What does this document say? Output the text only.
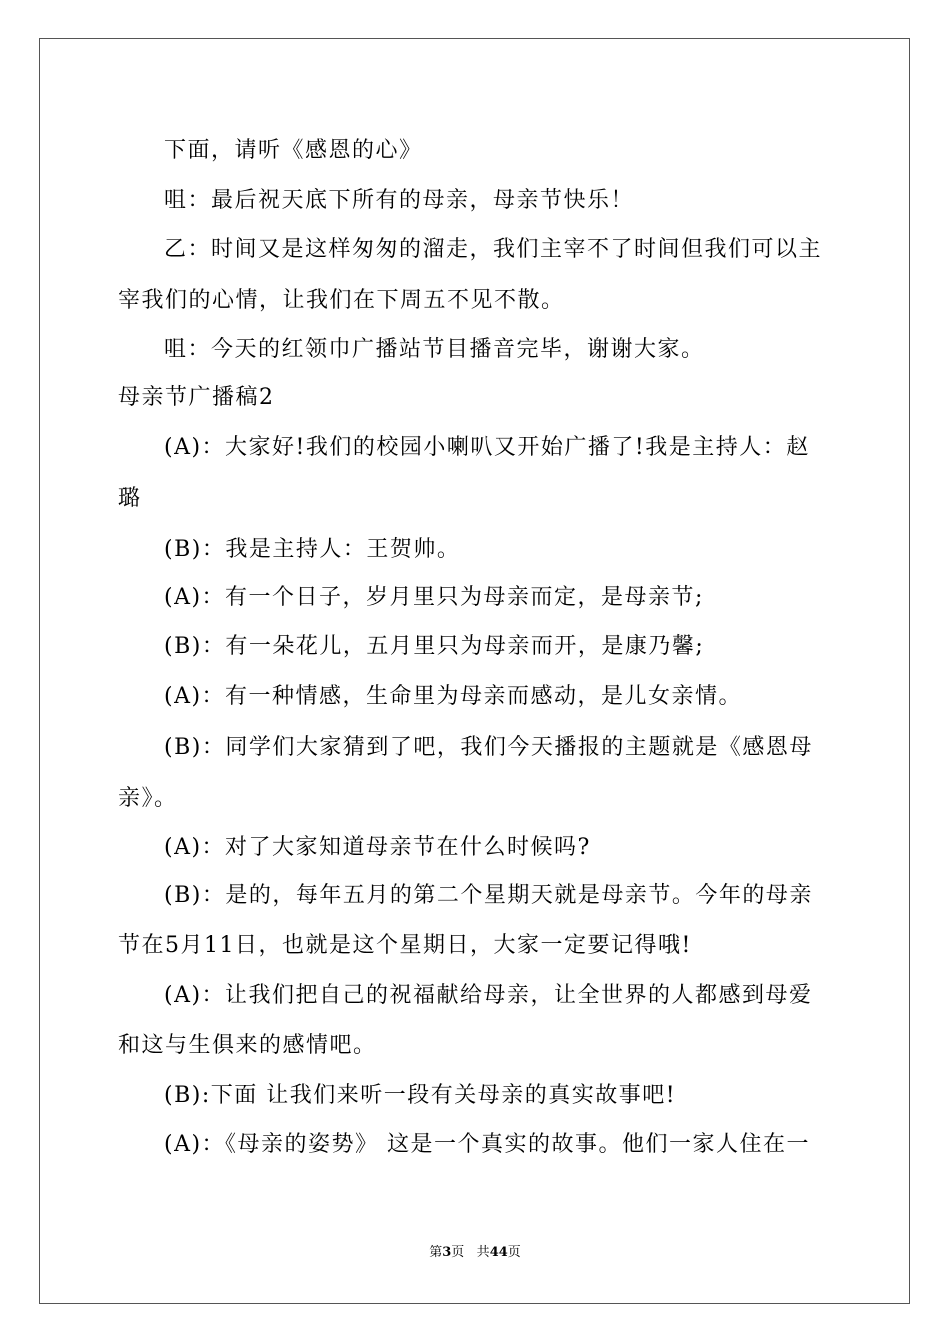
下面，请听《感恩的心》
咀：最后祝天底下所有的母亲，母亲节快乐！
乙：时间又是这样匆匆的溜走，我们主宰不了时间但我们可以主
宰我们的心情，让我们在下周五不见不散。
咀：今天的红领巾广播站节目播音完毕，谢谢大家。
母亲节广播稿2
(A)：大家好!我们的校园小喇叭又开始广播了!我是主持人：赵
璐
(B)：我是主持人：王贺帅。
(A)：有一个日子，岁月里只为母亲而定，是母亲节;
(B)：有一朵花儿，五月里只为母亲而开，是康乃馨;
(A)：有一种情感，生命里为母亲而感动，是儿女亲情。
(B)：同学们大家猜到了吧，我们今天播报的主题就是《感恩母
亲》。
(A)：对了大家知道母亲节在什么时候吗?
(B)：是的，每年五月的第二个星期天就是母亲节。今年的母亲
节在5月11日，也就是这个星期日，大家一定要记得哦!
(A)：让我们把自己的祝福献给母亲，让全世界的人都感到母爱
和这与生俱来的感情吧。
(B):下面 让我们来听一段有关母亲的真实故事吧!
(A)：《母亲的姿势》 这是一个真实的故事。他们一家人住在一
第3页 共44页
